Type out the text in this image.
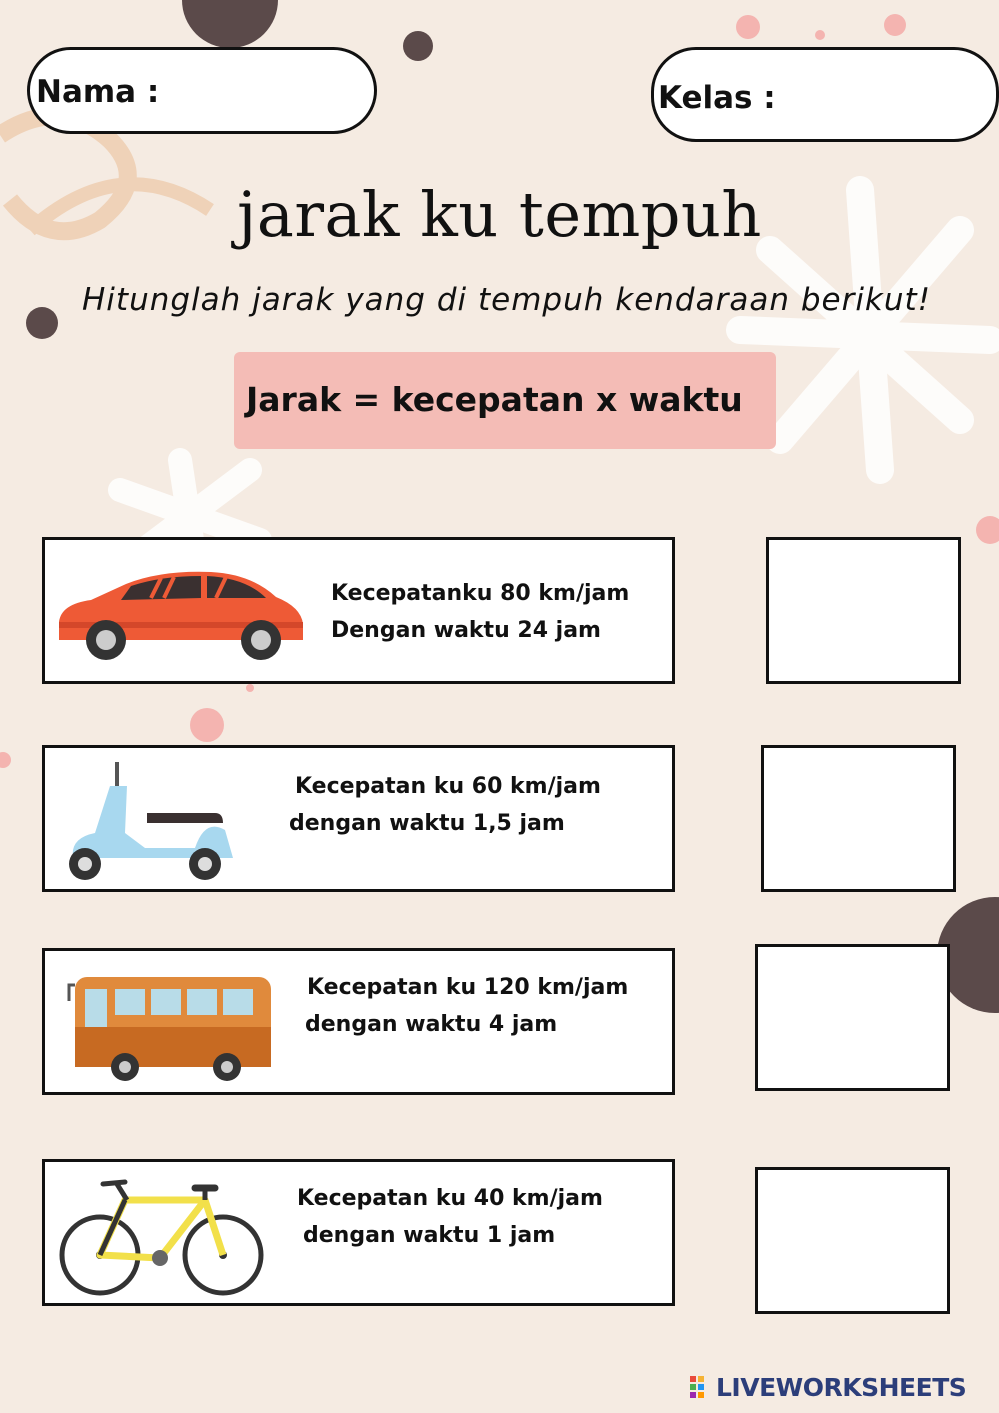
Nama :	Kelas :
jarak ku tempuh
Hitunglah jarak yang di tempuh kendaraan berikut!
Jarak = kecepatan x waktu
Kecepatanku 80 km/jam
Dengan waktu 24 jam
Kecepatan ku 60 km/jam
dengan waktu 1,5 jam
Kecepatan ku 120 km/jam
dengan waktu 4 jam
Kecepatan ku 40 km/jam
dengan waktu 1 jam
LIVEWORKSHEETS
